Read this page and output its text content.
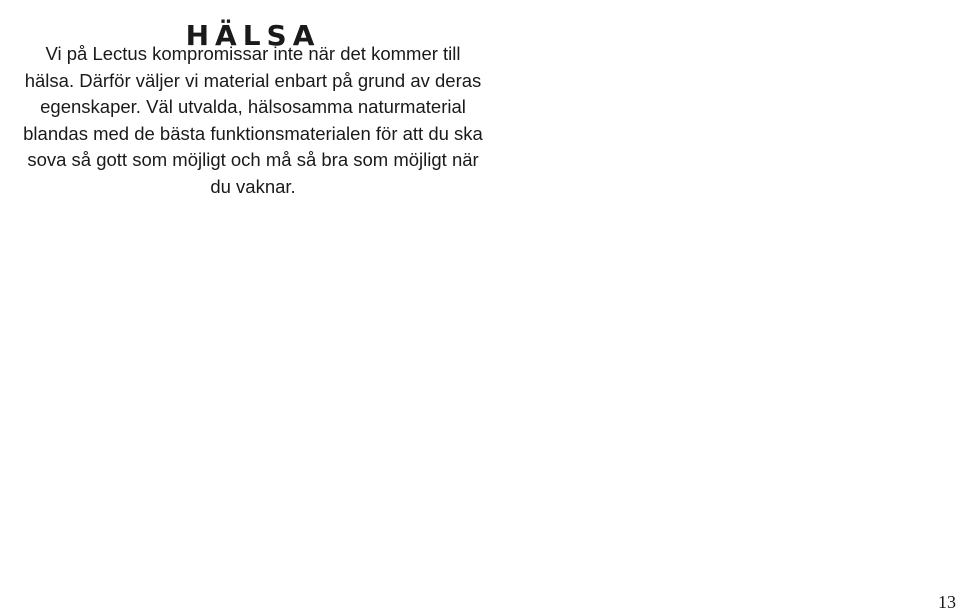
HÄLSA
Vi på Lectus kompromissar inte när det kommer till
hälsa. Därför väljer vi material enbart på grund av deras
egenskaper. Väl utvalda, hälsosamma naturmaterial
blandas med de bästa funktionsmaterialen för att du ska
sova så gott som möjligt och må så bra som möjligt när
du vaknar.
13
